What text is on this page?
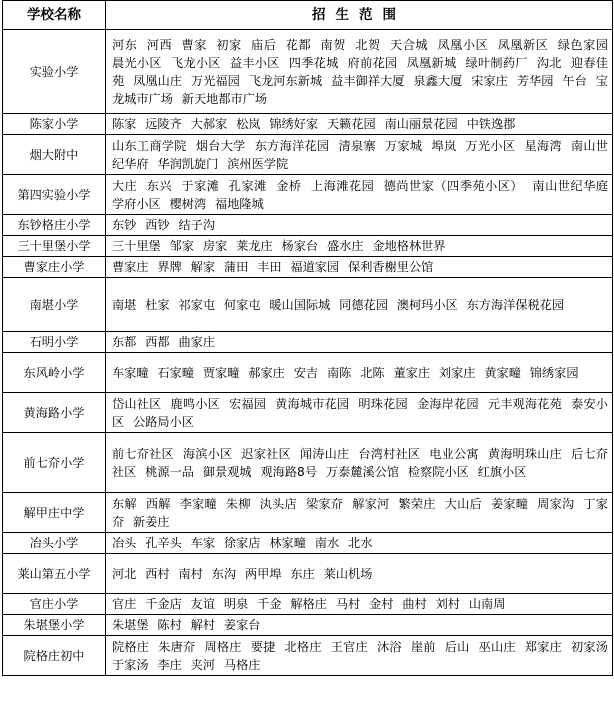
学校名称	招生范围
实验小学	河东 河西 曹家 初家 庙后 花都 南贺 北贺 天合城 凤凰小区 凤凰新区 绿色家园 晨光小区 飞龙小区 益丰小区 四季花城 府前花园 凤凰新城 绿叶制药厂 沟北 迎春佳苑 凤凰山庄 万光福园 飞龙河东新城 益丰御祥大厦 泉鑫大厦 宋家庄 芳华园 午台 宝龙城市广场 新天地都市广场
陈家小学	陈家 远陵齐 大郝家 松岚 锦绣好家 天籁花园 南山丽景花园 中铁逸郡
烟大附中	山东工商学院 烟台大学 东方海洋花园 清泉寨 万家城 埠岚 万光小区 星海湾 南山世纪华府 华润凯旋门 滨州医学院
第四实验小学	大庄 东兴 于家滩 孔家滩 金桥 上海滩花园 德尚世家（四季苑小区） 南山世纪华庭 学府小区 樱树湾 福地隆城
东钞格庄小学	东钞 西钞 结子沟
三十里堡小学	三十里堡 邹家 房家 莱龙庄 杨家台 盛水庄 金地格林世界
曹家庄小学	曹家庄 界牌 解家 蒲田 丰田 福道家园 保利香榭里公馆
南堪小学	南堪 杜家 祁家屯 何家屯 暖山国际城 同德花园 澳柯玛小区 东方海洋保税花园
石明小学	东都 西都 曲家庄
东风岭小学	车家疃 石家疃 贾家疃 郝家庄 安吉 南陈 北陈 董家庄 刘家庄 黄家疃 锦绣家园
黄海路小学	岱山社区 鹿鸣小区 宏福园 黄海城市花园 明珠花园 金海岸花园 元丰观海花苑 泰安小区 公路局小区
前七夼小学	前七夼社区 海滨小区 迟家社区 闻涛山庄 台湾村社区 电业公寓 黄海明珠山庄 后七夼社区 桃源一品 御景观城 观海路8号 万泰麓溪公馆 检察院小区 红旗小区
解甲庄中学	东解 西解 李家疃 朱柳 汍头店 梁家夼 解家河 繁荣庄 大山后 姜家疃 周家沟 丁家夼 新姜庄
冶头小学	冶头 孔辛头 车家 徐家店 林家疃 南水 北水
莱山第五小学	河北 西村 南村 东沟 两甲埠 东庄 莱山机场
官庄小学	官庄 千金店 友谊 明泉 千金 解格庄 马村 金村 曲村 刘村 山南周
朱堪堡小学	朱堪堡 陈村 解村 姜家台
院格庄初中	院格庄 朱唐夼 周格庄 要捷 北格庄 王官庄 沐浴 崖前 后山 巫山庄 郑家庄 初家汤 于家汤 李庄 夹河 马格庄
